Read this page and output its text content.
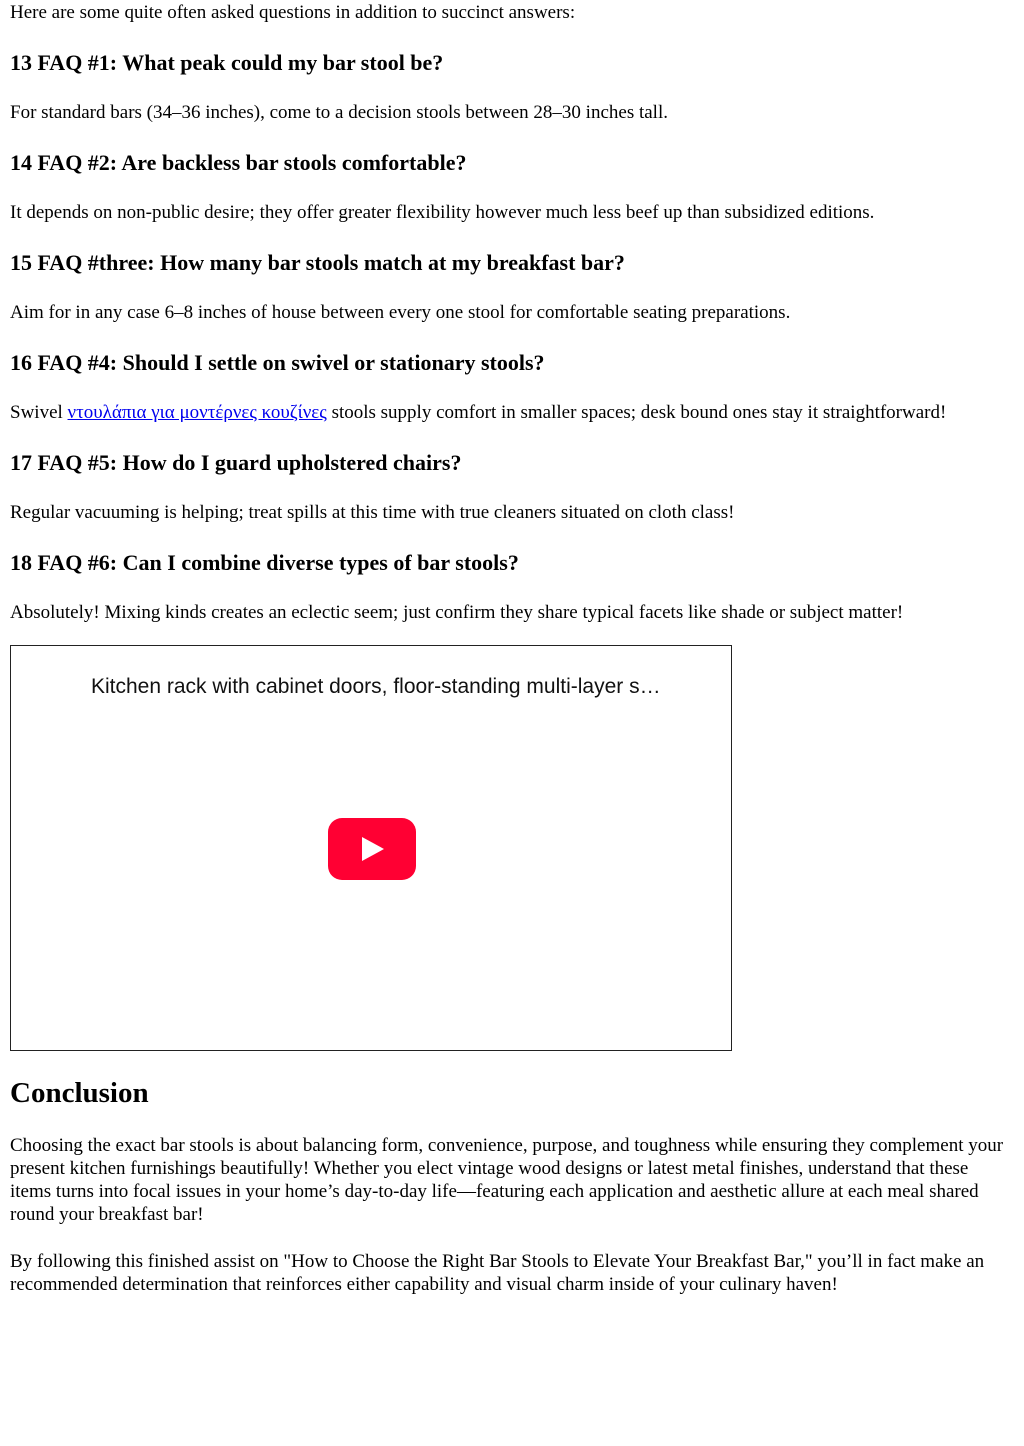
Here are some quite often asked questions in addition to succinct answers:

13 FAQ #1: What peak could my bar stool be?

For standard bars (34–36 inches), come to a decision stools between 28–30 inches tall.

14 FAQ #2: Are backless bar stools comfortable?

It depends on non-public desire; they offer greater flexibility however much less beef up than subsidized editions.

15 FAQ #three: How many bar stools match at my breakfast bar?

Aim for in any case 6–8 inches of house between every one stool for comfortable seating preparations.

16 FAQ #4: Should I settle on swivel or stationary stools?

Swivel ντουλάπια για μοντέρνες κουζίνες stools supply comfort in smaller spaces; desk bound ones stay it straightforward!

17 FAQ #5: How do I guard upholstered chairs?

Regular vacuuming is helping; treat spills at this time with true cleaners situated on cloth class!

18 FAQ #6: Can I combine diverse types of bar stools?

Absolutely! Mixing kinds creates an eclectic seem; just confirm they share typical facets like shade or subject matter!

Kitchen rack with cabinet doors, floor-standing multi-layer s…
Conclusion

Choosing the exact bar stools is about balancing form, convenience, purpose, and toughness while ensuring they complement your present kitchen furnishings beautifully! Whether you elect vintage wood designs or latest metal finishes, understand that these items turns into focal issues in your home’s day-to-day life—featuring each application and aesthetic allure at each meal shared round your breakfast bar!

By following this finished assist on "How to Choose the Right Bar Stools to Elevate Your Breakfast Bar," you’ll in fact make an recommended determination that reinforces either capability and visual charm inside of your culinary haven!
